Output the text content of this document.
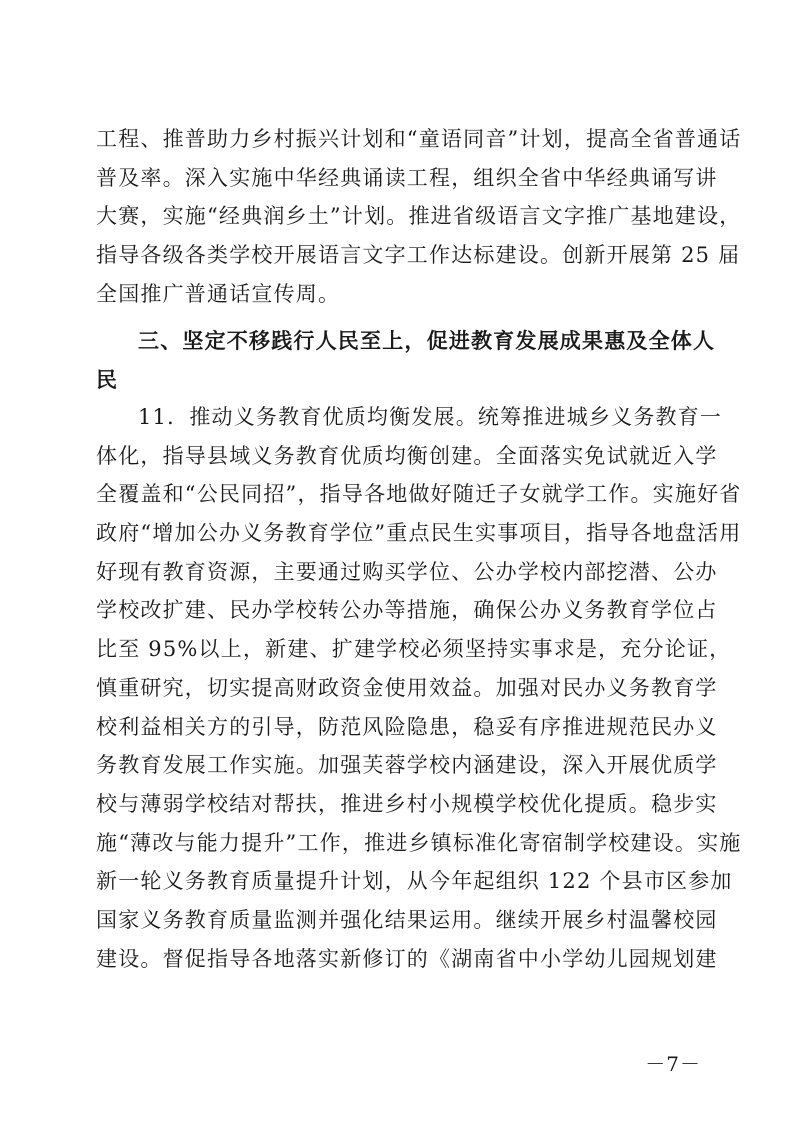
工程、推普助力乡村振兴计划和“童语同音”计划，提高全省普通话
普及率。深入实施中华经典诵读工程，组织全省中华经典诵写讲
大赛，实施“经典润乡土”计划。推进省级语言文字推广基地建设，
指导各级各类学校开展语言文字工作达标建设。创新开展第 25 届
全国推广普通话宣传周。
三、坚定不移践行人民至上，促进教育发展成果惠及全体人
民
11．推动义务教育优质均衡发展。统筹推进城乡义务教育一
体化，指导县域义务教育优质均衡创建。全面落实免试就近入学
全覆盖和“公民同招”，指导各地做好随迁子女就学工作。实施好省
政府“增加公办义务教育学位”重点民生实事项目，指导各地盘活用
好现有教育资源，主要通过购买学位、公办学校内部挖潜、公办
学校改扩建、民办学校转公办等措施，确保公办义务教育学位占
比至 95%以上，新建、扩建学校必须坚持实事求是，充分论证，
慎重研究，切实提高财政资金使用效益。加强对民办义务教育学
校利益相关方的引导，防范风险隐患，稳妥有序推进规范民办义
务教育发展工作实施。加强芙蓉学校内涵建设，深入开展优质学
校与薄弱学校结对帮扶，推进乡村小规模学校优化提质。稳步实
施“薄改与能力提升”工作，推进乡镇标准化寄宿制学校建设。实施
新一轮义务教育质量提升计划，从今年起组织 122 个县市区参加
国家义务教育质量监测并强化结果运用。继续开展乡村温馨校园
建设。督促指导各地落实新修订的《湖南省中小学幼儿园规划建
－7－
